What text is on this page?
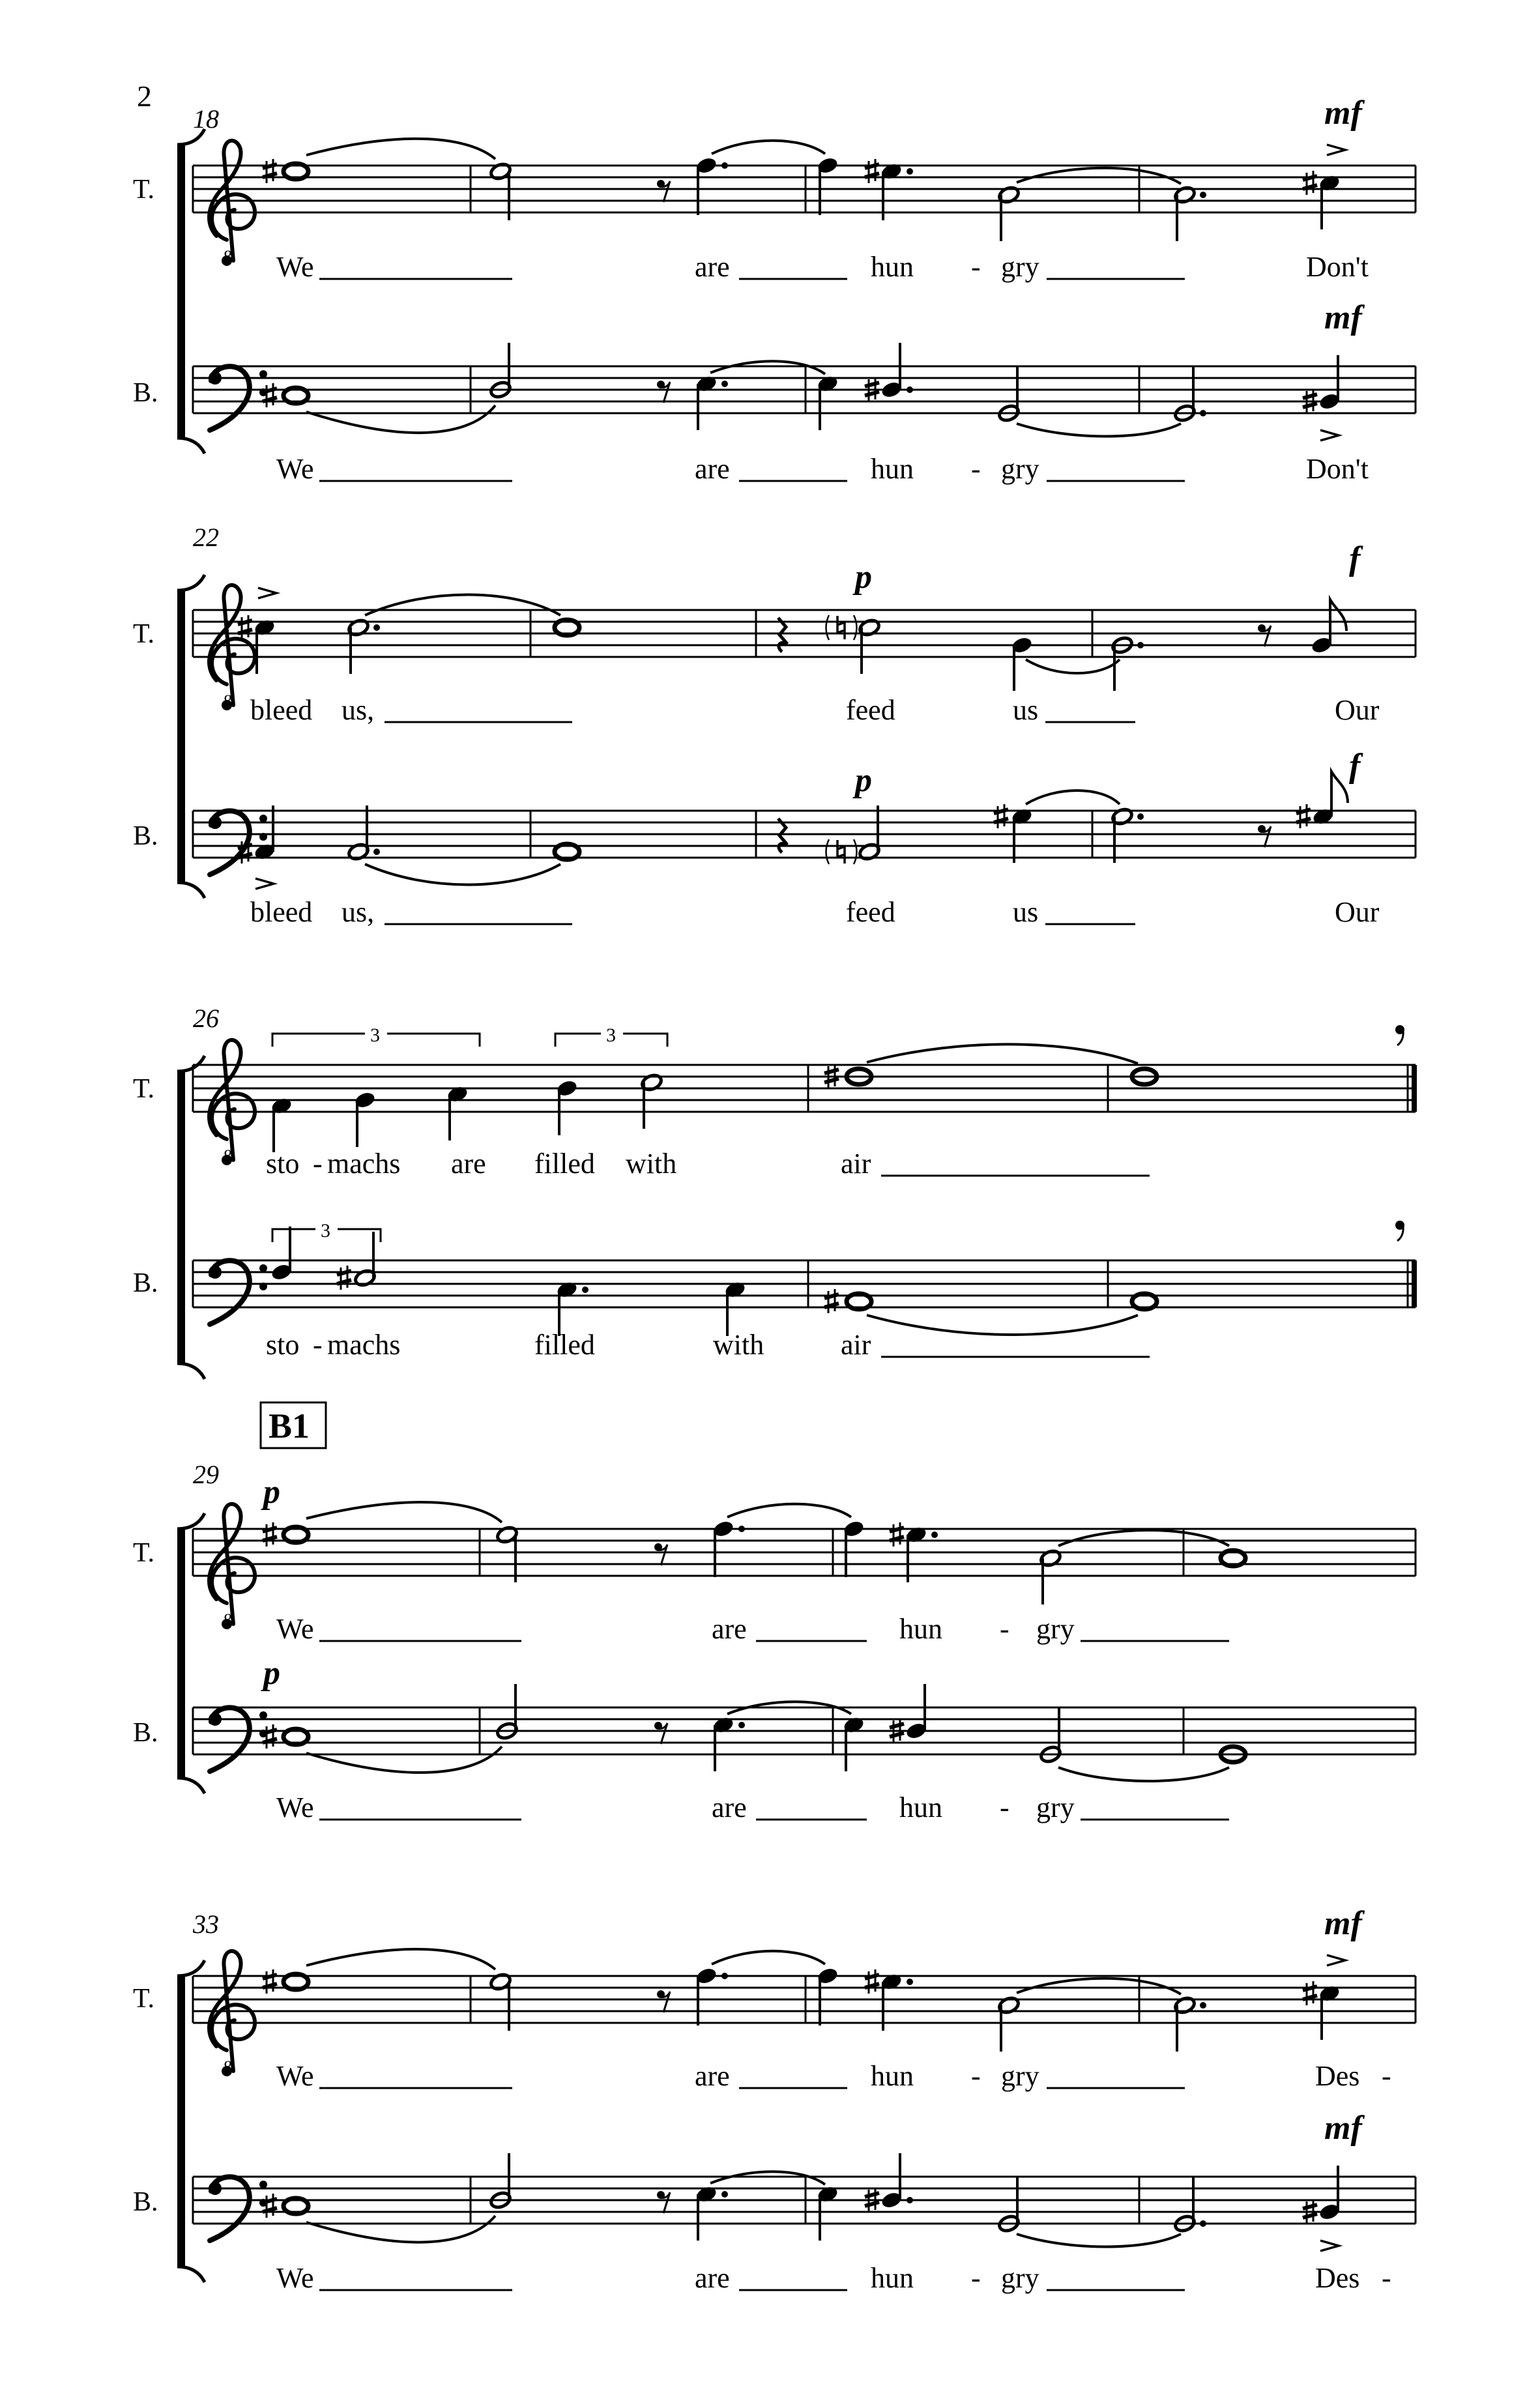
2
18
T.
B.
8
mf
We	are	hun - gry	Don't
mf
We	are	hun - gry	Don't
22
T.
B.
8
p	f
bleed us,	feed	us	Our
p	f
bleed us,	feed	us	Our
26
T.
B.
8
3	3
sto - machs are filled with	air
3
sto - machs	filled	with	air
B1
29
T.
B.
8
p
We	are	hun - gry
p
We	are	hun - gry
33
T.
B.
8
mf
We	are	hun - gry	Des -
mf
We	are	hun - gry	Des -
